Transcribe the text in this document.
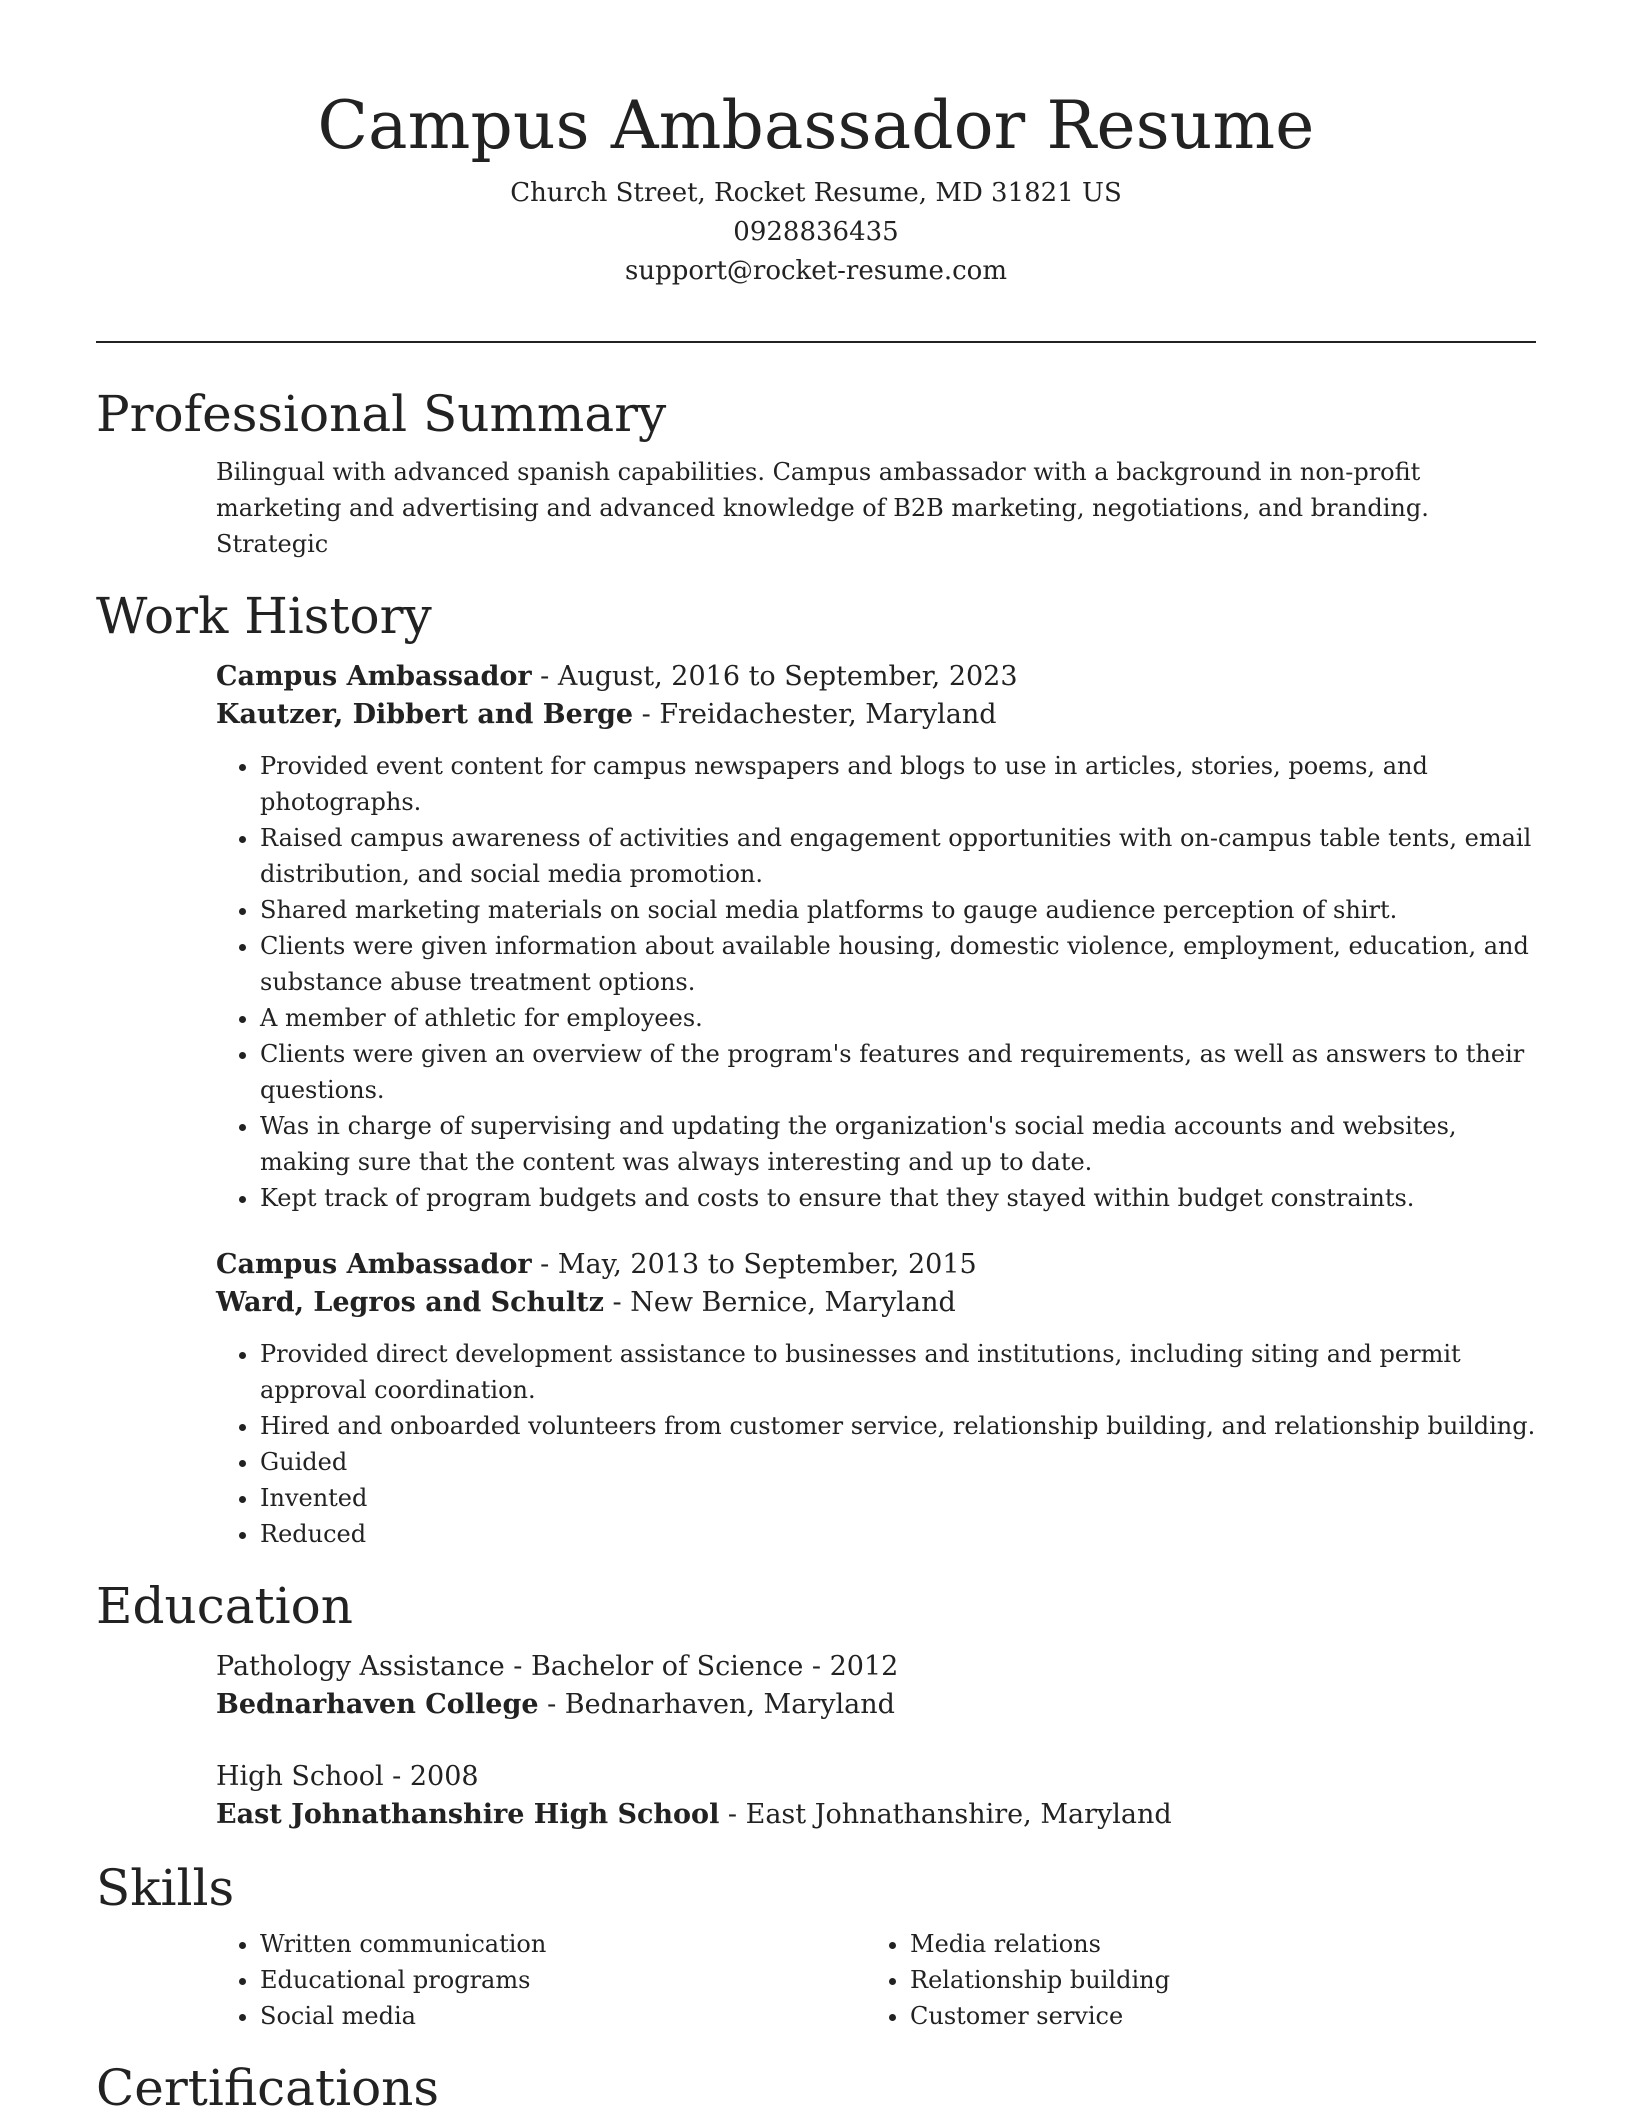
Campus Ambassador Resume
Church Street, Rocket Resume, MD 31821 US
0928836435
support@rocket-resume.com
Professional Summary

Bilingual with advanced spanish capabilities. Campus ambassador with a background in non-profit marketing and advertising and advanced knowledge of B2B marketing, negotiations, and branding. Strategic

Work History
Campus Ambassador - August, 2016 to September, 2023
Kautzer, Dibbert and Berge - Freidachester, Maryland
• Provided event content for campus newspapers and blogs to use in articles, stories, poems, and photographs.
• Raised campus awareness of activities and engagement opportunities with on-campus table tents, email distribution, and social media promotion.
• Shared marketing materials on social media platforms to gauge audience perception of shirt.
• Clients were given information about available housing, domestic violence, employment, education, and substance abuse treatment options.
• A member of athletic for employees.
• Clients were given an overview of the program's features and requirements, as well as answers to their questions.
• Was in charge of supervising and updating the organization's social media accounts and websites, making sure that the content was always interesting and up to date.
• Kept track of program budgets and costs to ensure that they stayed within budget constraints.
Campus Ambassador - May, 2013 to September, 2015
Ward, Legros and Schultz - New Bernice, Maryland
• Provided direct development assistance to businesses and institutions, including siting and permit approval coordination.
• Hired and onboarded volunteers from customer service, relationship building, and relationship building.
• Guided
• Invented
• Reduced
Education
Pathology Assistance - Bachelor of Science - 2012
Bednarhaven College - Bednarhaven, Maryland
High School - 2008
East Johnathanshire High School - East Johnathanshire, Maryland
Skills
• Written communication
• Educational programs
• Social media
• Media relations
• Relationship building
• Customer service
Certifications
